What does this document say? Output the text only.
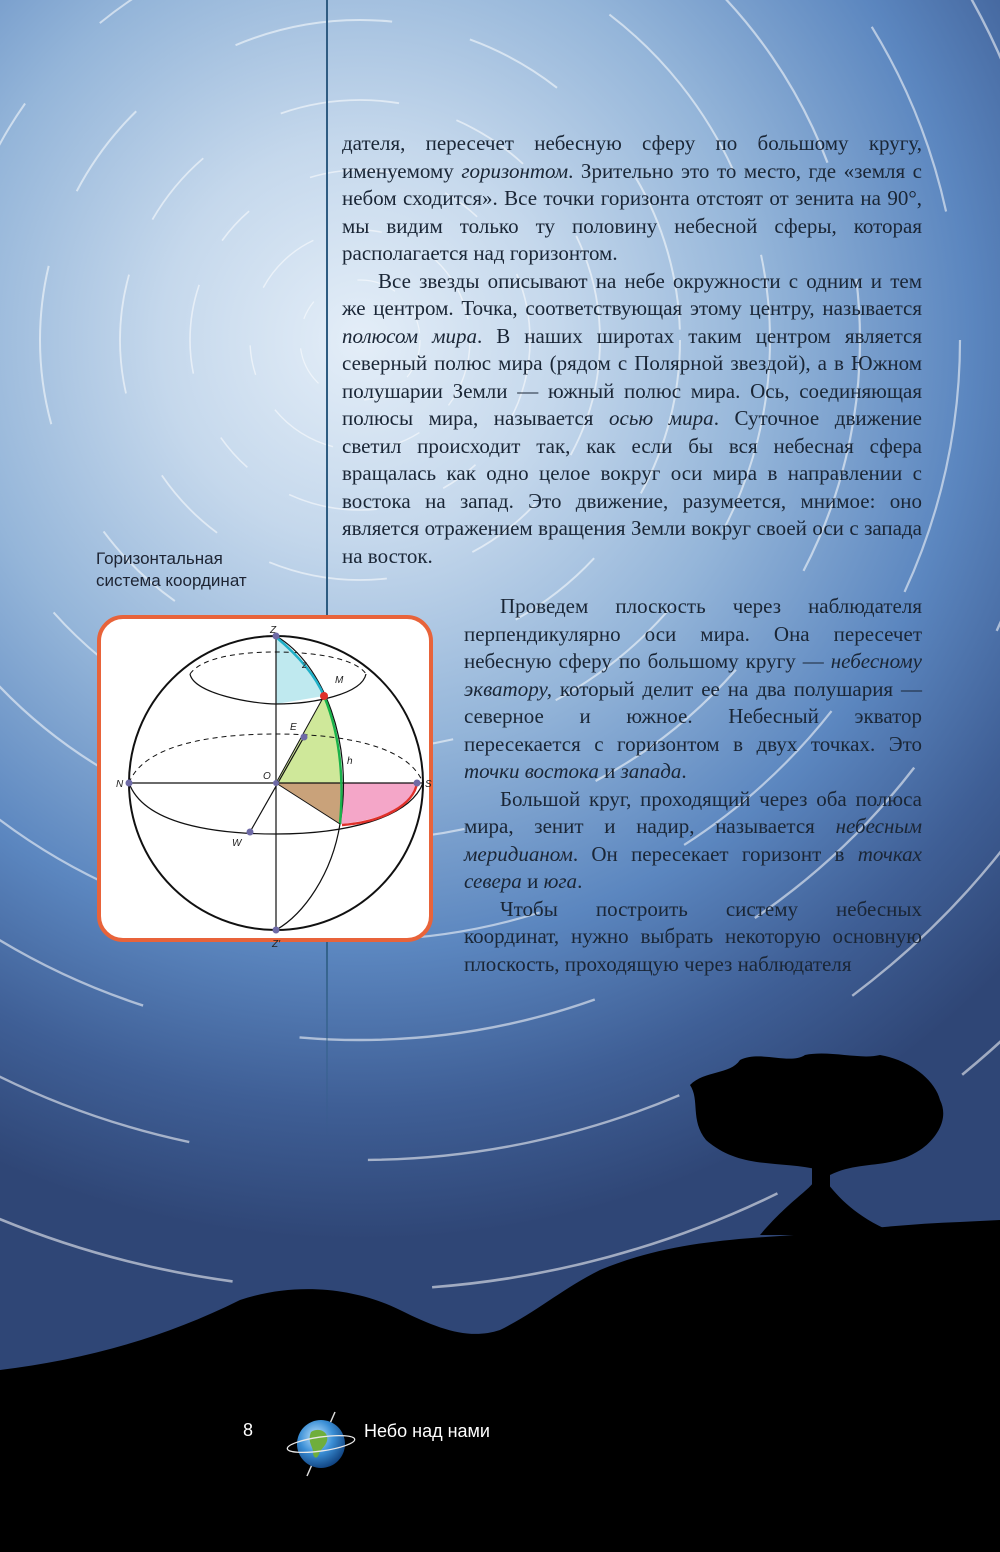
дателя, пересечет небесную сферу по большому кругу, именуемому горизонтом. Зрительно это то место, где «земля с небом сходится». Все точки горизонта отстоят от зенита на 90°, мы видим только ту половину небесной сферы, которая располагается над горизонтом.

Все звезды описывают на небе окружности с одним и тем же центром. Точка, соответствующая этому центру, называется полюсом мира. В наших широтах таким центром является северный полюс мира (рядом с Полярной звездой), а в Южном полушарии Земли — южный полюс мира. Ось, соединяющая полюсы мира, называется осью мира. Суточное движение светил происходит так, как если бы вся небесная сфера вращалась как одно целое вокруг оси мира в направлении с востока на запад. Это движение, разумеется, мнимое: оно является отражением вращения Земли вокруг своей оси с запада на восток.

Проведем плоскость через наблюдателя перпендикулярно оси мира. Она пересечет небесную сферу по большому кругу — небесному экватору, который делит ее на два полушария — северное и южное. Небесный экватор пересекается с горизонтом в двух точках. Это точки востока и запада.

Большой круг, проходящий через оба полюса мира, зенит и надир, называется небесным меридианом. Он пересекает горизонт в точках севера и юга.

Чтобы построить систему небесных координат, нужно выбрать некоторую основную плоскость, проходящую через наблюдателя

Горизонтальная
система координат
Z
Z'
N	S
E
W
O
M
z
h
8	Небо над нами
